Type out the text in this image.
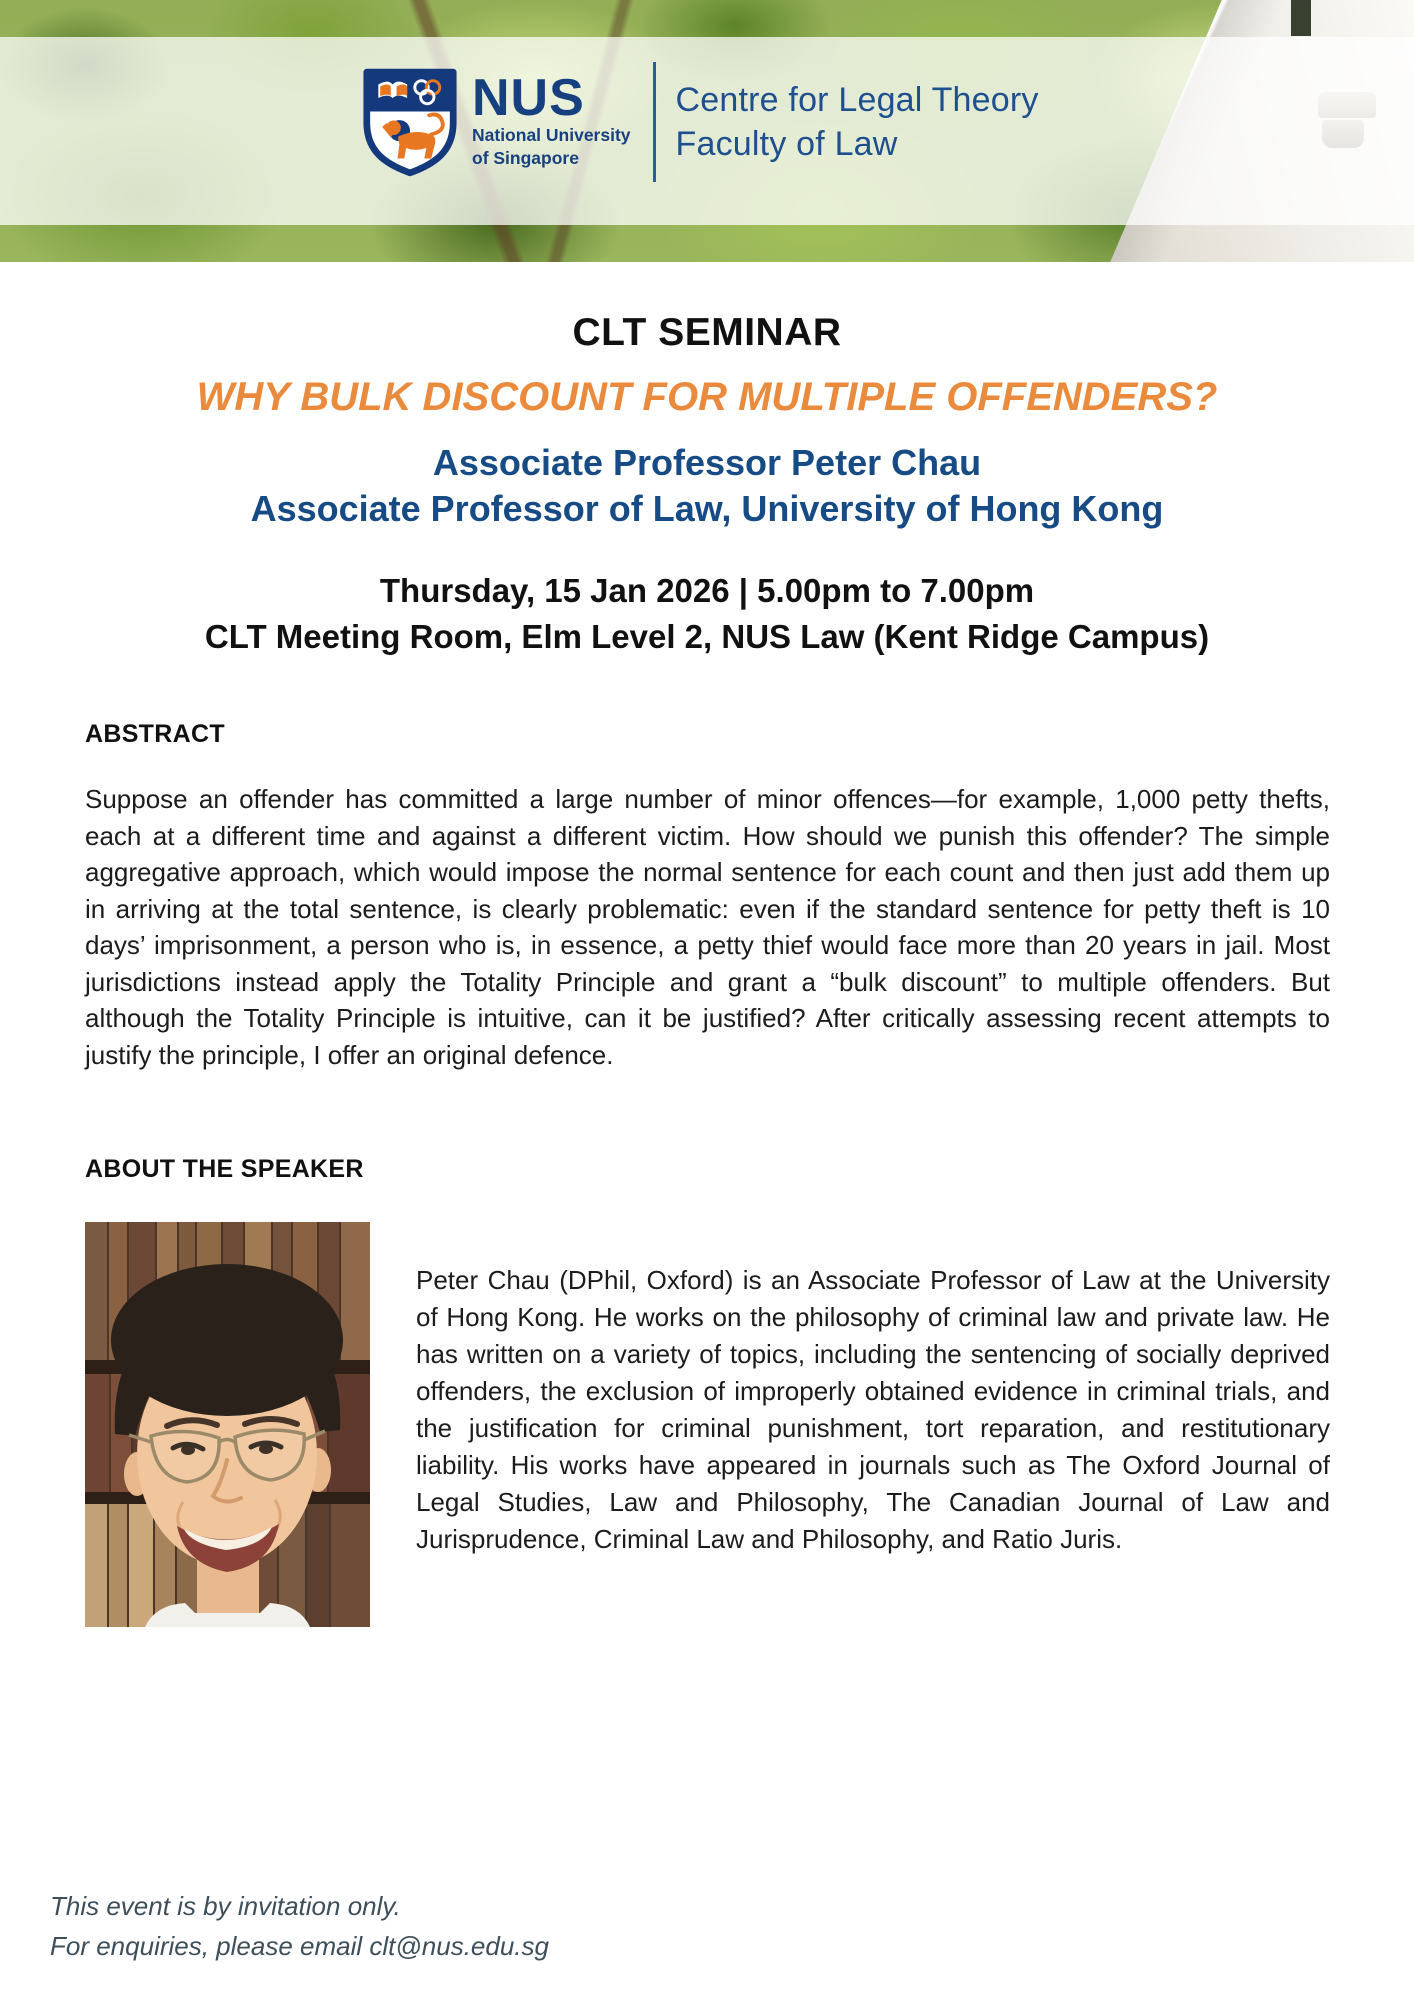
NUS
National University
of Singapore
Centre for Legal Theory
Faculty of Law
CLT SEMINAR
WHY BULK DISCOUNT FOR MULTIPLE OFFENDERS?
Associate Professor Peter Chau
Associate Professor of Law, University of Hong Kong
Thursday, 15 Jan 2026 | 5.00pm to 7.00pm
CLT Meeting Room, Elm Level 2, NUS Law (Kent Ridge Campus)
ABSTRACT

Suppose an offender has committed a large number of minor offences—for example, 1,000 petty thefts, each at a different time and against a different victim. How should we punish this offender? The simple aggregative approach, which would impose the normal sentence for each count and then just add them up in arriving at the total sentence, is clearly problematic: even if the standard sentence for petty theft is 10 days’ imprisonment, a person who is, in essence, a petty thief would face more than 20 years in jail. Most jurisdictions instead apply the Totality Principle and grant a “bulk discount” to multiple offenders. But although the Totality Principle is intuitive, can it be justified? After critically assessing recent attempts to justify the principle, I offer an original defence.

ABOUT THE SPEAKER

Peter Chau (DPhil, Oxford) is an Associate Professor of Law at the University of Hong Kong. He works on the philosophy of criminal law and private law. He has written on a variety of topics, including the sentencing of socially deprived offenders, the exclusion of improperly obtained evidence in criminal trials, and the justification for criminal punishment, tort reparation, and restitutionary liability. His works have appeared in journals such as The Oxford Journal of Legal Studies, Law and Philosophy, The Canadian Journal of Law and Jurisprudence, Criminal Law and Philosophy, and Ratio Juris.

This event is by invitation only.
For enquiries, please email clt@nus.edu.sg
